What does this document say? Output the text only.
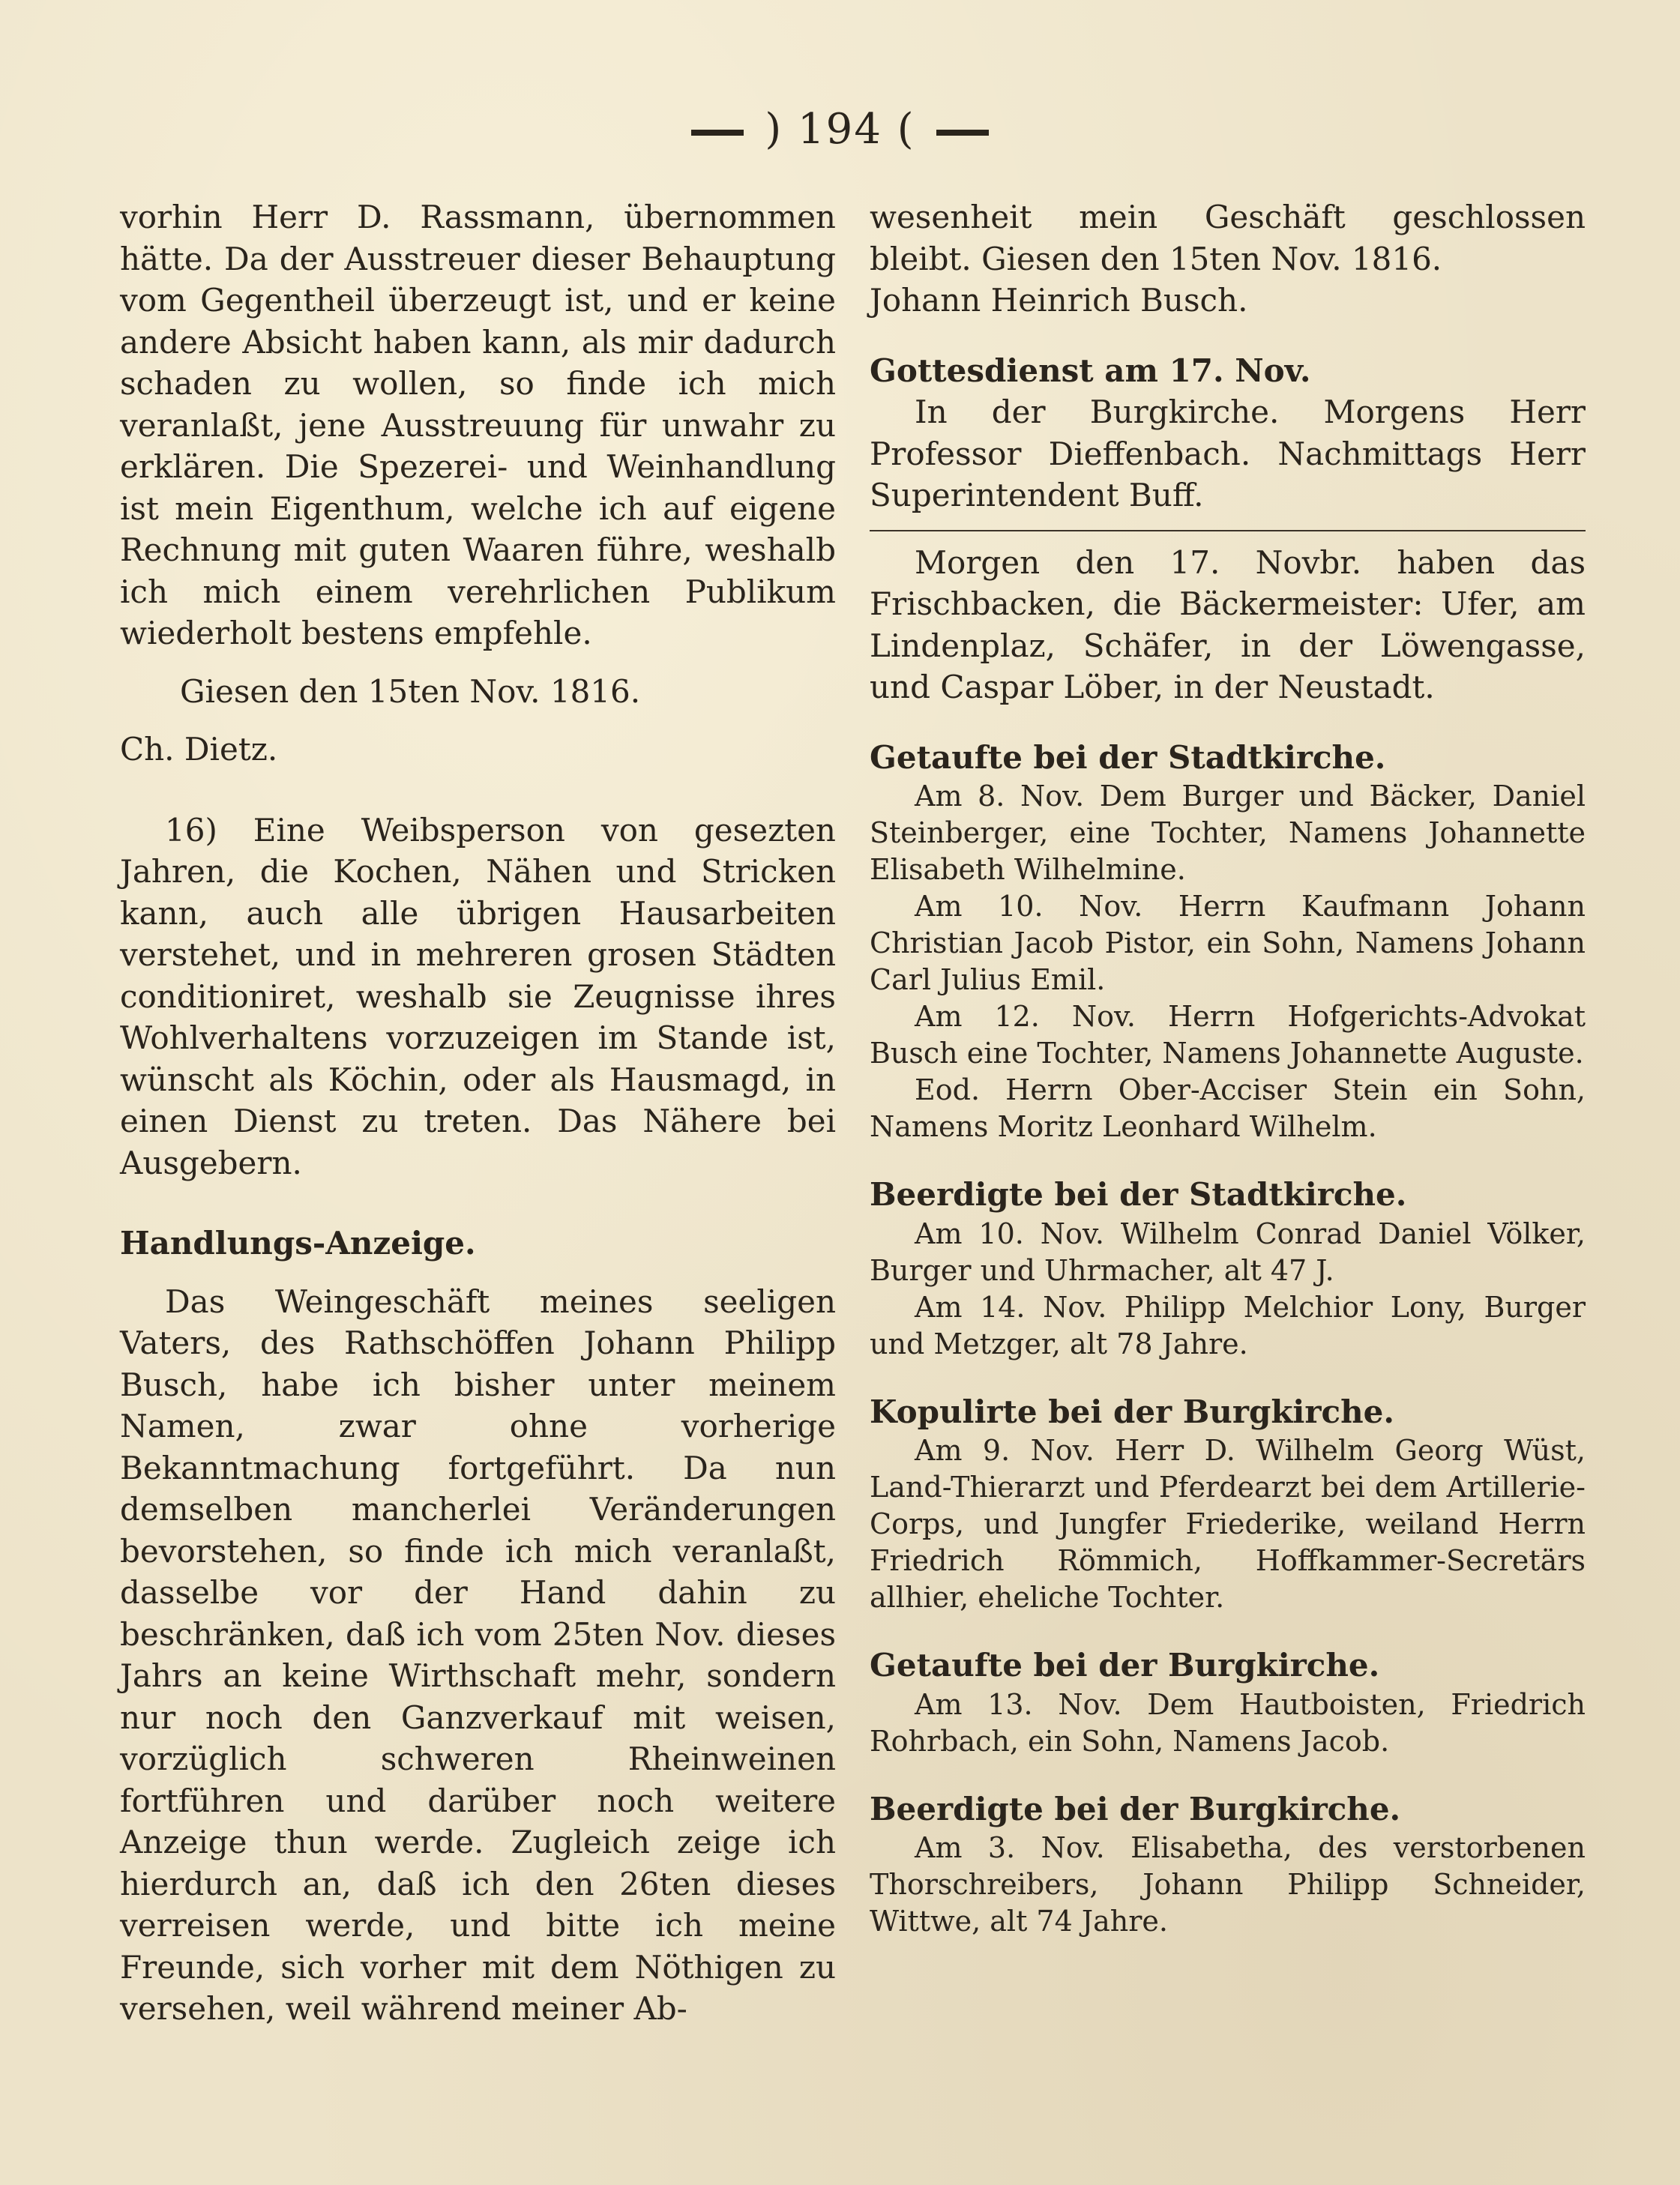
) 194 (

vorhin Herr D. Rassmann, übernommen hätte. Da der Ausstreuer dieser Behauptung vom Gegentheil überzeugt ist, und er keine andere Absicht haben kann, als mir dadurch schaden zu wollen, so finde ich mich veranlaßt, jene Ausstreuung für unwahr zu erklären. Die Spezerei- und Weinhandlung ist mein Eigenthum, welche ich auf eigene Rechnung mit guten Waaren führe, weshalb ich mich einem verehrlichen Publikum wiederholt bestens empfehle.

Giesen den 15ten Nov. 1816.

Ch. Dietz.

16) Eine Weibsperson von gesezten Jahren, die Kochen, Nähen und Stricken kann, auch alle übrigen Hausarbeiten verstehet, und in mehreren grosen Städten conditioniret, weshalb sie Zeugnisse ihres Wohlverhaltens vorzuzeigen im Stande ist, wünscht als Köchin, oder als Hausmagd, in einen Dienst zu treten. Das Nähere bei Ausgebern.

Handlungs-Anzeige.

Das Weingeschäft meines seeligen Vaters, des Rathschöffen Johann Philipp Busch, habe ich bisher unter meinem Namen, zwar ohne vorherige Bekanntmachung fortgeführt. Da nun demselben mancherlei Veränderungen bevorstehen, so finde ich mich veranlaßt, dasselbe vor der Hand dahin zu beschränken, daß ich vom 25ten Nov. dieses Jahrs an keine Wirthschaft mehr, sondern nur noch den Ganzverkauf mit weisen, vorzüglich schweren Rheinweinen fortführen und darüber noch weitere Anzeige thun werde. Zugleich zeige ich hierdurch an, daß ich den 26ten dieses verreisen werde, und bitte ich meine Freunde, sich vorher mit dem Nöthigen zu versehen, weil während meiner Ab-

wesenheit mein Geschäft geschlossen bleibt. Giesen den 15ten Nov. 1816.

Johann Heinrich Busch.

Gottesdienst am 17. Nov.

In der Burgkirche. Morgens Herr Professor Dieffenbach. Nachmittags Herr Superintendent Buff.

Morgen den 17. Novbr. haben das Frischbacken, die Bäckermeister: Ufer, am Lindenplaz, Schäfer, in der Löwengasse, und Caspar Löber, in der Neustadt.

Getaufte bei der Stadtkirche.

Am 8. Nov. Dem Burger und Bäcker, Daniel Steinberger, eine Tochter, Namens Johannette Elisabeth Wilhelmine.

Am 10. Nov. Herrn Kaufmann Johann Christian Jacob Pistor, ein Sohn, Namens Johann Carl Julius Emil.

Am 12. Nov. Herrn Hofgerichts-Advokat Busch eine Tochter, Namens Johannette Auguste.

Eod. Herrn Ober-Acciser Stein ein Sohn, Namens Moritz Leonhard Wilhelm.

Beerdigte bei der Stadtkirche.

Am 10. Nov. Wilhelm Conrad Daniel Völker, Burger und Uhrmacher, alt 47 J.

Am 14. Nov. Philipp Melchior Lony, Burger und Metzger, alt 78 Jahre.

Kopulirte bei der Burgkirche.

Am 9. Nov. Herr D. Wilhelm Georg Wüst, Land-Thierarzt und Pferdearzt bei dem Artillerie-Corps, und Jungfer Friederike, weiland Herrn Friedrich Römmich, Hoffkammer-Secretärs allhier, eheliche Tochter.

Getaufte bei der Burgkirche.

Am 13. Nov. Dem Hautboisten, Friedrich Rohrbach, ein Sohn, Namens Jacob.

Beerdigte bei der Burgkirche.

Am 3. Nov. Elisabetha, des verstorbenen Thorschreibers, Johann Philipp Schneider, Wittwe, alt 74 Jahre.
